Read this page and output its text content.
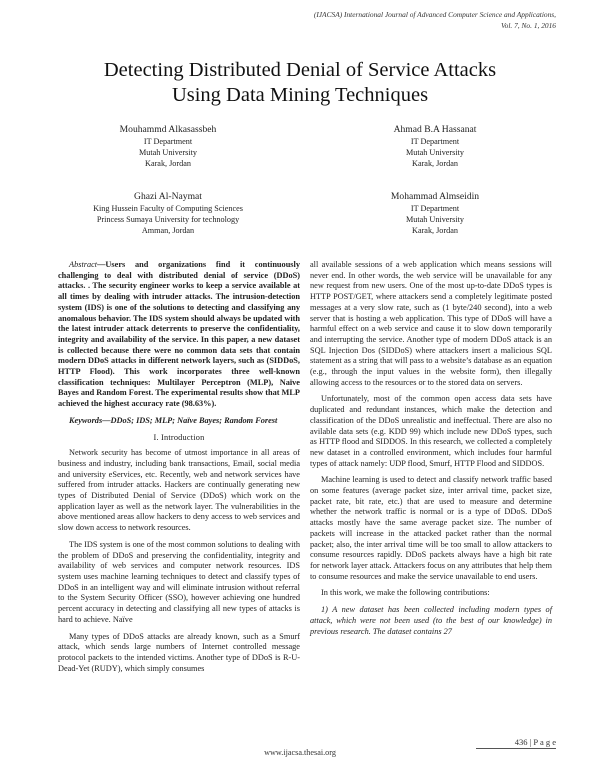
(IJACSA) International Journal of Advanced Computer Science and Applications,
Vol. 7, No. 1, 2016
Detecting Distributed Denial of Service Attacks
Using Data Mining Techniques
Mouhammd Alkasassbeh
IT Department
Mutah University
Karak, Jordan
Ahmad B.A Hassanat
IT Department
Mutah University
Karak, Jordan
Ghazi Al-Naymat
King Hussein Faculty of Computing Sciences
Princess Sumaya University for technology
Amman, Jordan
Mohammad Almseidin
IT Department
Mutah University
Karak, Jordan

Abstract—Users and organizations find it continuously challenging to deal with distributed denial of service (DDoS) attacks. . The security engineer works to keep a service available at all times by dealing with intruder attacks. The intrusion-detection system (IDS) is one of the solutions to detecting and classifying any anomalous behavior. The IDS system should always be updated with the latest intruder attack deterrents to preserve the confidentiality, integrity and availability of the service. In this paper, a new dataset is collected because there were no common data sets that contain modern DDoS attacks in different network layers, such as (SIDDoS, HTTP Flood). This work incorporates three well-known classification techniques: Multilayer Perceptron (MLP), Naïve Bayes and Random Forest. The experimental results show that MLP achieved the highest accuracy rate (98.63%).

Keywords—DDoS; IDS; MLP; Naïve Bayes; Random Forest

I. Introduction

Network security has become of utmost importance in all areas of business and industry, including bank transactions, Email, social media and university eServices, etc. Recently, web and network services have suffered from intruder attacks. Hackers are continually generating new types of Distributed Denial of Service (DDoS) which work on the application layer as well as the network layer. The vulnerabilities in the above mentioned areas allow hackers to deny access to web services and slow down access to network resources.

The IDS system is one of the most common solutions to dealing with the problem of DDoS and preserving the confidentiality, integrity and availability of web services and computer network resources. IDS system uses machine learning techniques to detect and classify types of DDoS in an intelligent way and will eliminate intrusion without referral to the System Security Officer (SSO), however achieving one hundred percent accuracy in detecting and classifying all new types of attacks is hard to achieve. Naïve

Many types of DDoS attacks are already known, such as a Smurf attack, which sends large numbers of Internet controlled message protocol packets to the intended victims. Another type of DDoS is R-U-Dead-Yet (RUDY), which simply consumes

all available sessions of a web application which means sessions will never end. In other words, the web service will be unavailable for any new request from new users. One of the most up-to-date DDoS types is HTTP POST/GET, where attackers send a completely legitimate posted messages at a very slow rate, such as (1 byte/240 second), into a web server that is hosting a web application. This type of DDoS will have a harmful effect on a web service and cause it to slow down temporarily and interrupting the service. Another type of modern DDoS attack is an SQL Injection Dos (SIDDoS) where attackers insert a malicious SQL statement as a string that will pass to a website’s database as an equation (e.g., through the input values in the website form), then illegally allowing access to the resources or to the stored data on servers.

Unfortunately, most of the common open access data sets have duplicated and redundant instances, which make the detection and classification of the DDoS unrealistic and ineffectual. There are also no avilable data sets (e.g. KDD 99) which include new DDoS types, such as HTTP flood and SIDDOS. In this research, we collected a completely new dataset in a controlled environment, which includes four harmful types of attack namely: UDP flood, Smurf, HTTP Flood and SIDDOS.

Machine learning is used to detect and classify network traffic based on some features (average packet size, inter arrival time, packet size, packet rate, bit rate, etc.) that are used to measure and determine whether the network traffic is normal or is a type of DDoS. DDoS attacks mostly have the same average packet size. The number of packets will increase in the attacked packet rather than the normal packet; also, the inter arrival time will be too small to allow attackers to consume resources rapidly. DDoS packets always have a high bit rate for network layer attack. Attackers focus on any attributes that help them to consume resources and make the service unavailable to end users.

In this work, we make the following contributions:

1) A new dataset has been collected including modern types of attack, which were not been used (to the best of our knowledge) in previous research. The dataset contains 27

436 | P a g e
www.ijacsa.thesai.org
